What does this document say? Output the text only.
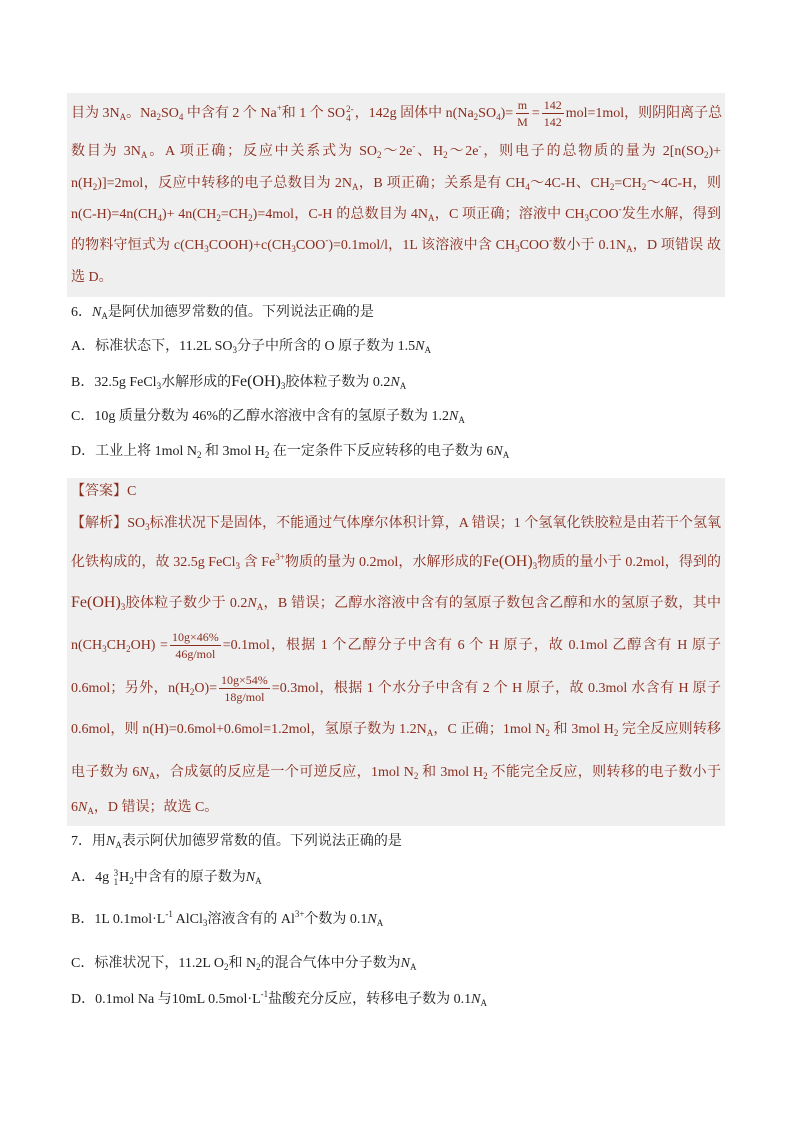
目为 $3N_A$。$Na_2SO_4$ 中含有 2 个 Na+和 1 个 SO 2-
4 ，142g 固体中 $n(Na_2SO_4)= \frac{m}{M} = \frac{142}{142} mol=1mol$，则阴阳离子总
数目为 $3N_A$。A 项正确；反应中关系式为 $SO_2\sim 2e^-$、$H_2\sim 2e^-$，则电子的总物质的量为 $2[n(SO_2)+$
$n(H_2)]=2mol$，反应中转移的电子总数目为 $2N_A$，B 项正确；关系是有 $CH_4\sim 4C-H$、$CH_2=CH_2\sim 4C-H$，则
$n(C-H)=4n(CH_4)+ 4n(CH_2=CH_2)=4mol$，C-H 的总数目为 $4N_A$，C 项正确；溶液中 $CH_3COO^-$发生水解，得到
的物料守恒式为 $c(CH_3COOH)+c(CH_3COO^-)=0.1mol/l$，1L 该溶液中含 $CH_3COO^-$数小于 $0.1N_A$，D 项错误 故
选 D。
6．$N_A$是阿伏加德罗常数的值。下列说法正确的是
A．标准状态下，11.2L $SO_3$分子中所含的 O 原子数为 $1.5N_A$
B．32.5g FeCl$_3$水解形成的$Fe(OH)_3$胶体粒子数为 $0.2N_A$
C．10g 质量分数为 46%的乙醇水溶液中含有的氢原子数为 $1.2N_A$
D．工业上将 1mol $N_2$ 和 3mol $H_2$ 在一定条件下反应转移的电子数为 $6N_A$
【答案】C
【解析】$SO_3$标准状况下是固体，不能通过气体摩尔体积计算，A 错误；1 个氢氧化铁胶粒是由若干个氢氧
化铁构成的，故 32.5g FeCl$_3$ 含 $Fe^{3+}$物质的量为 0.2mol，水解形成的$Fe(OH)_3$物质的量小于 0.2mol，得到的
$Fe(OH)_3$胶体粒子数少于 $0.2N_A$，B 错误；乙醇水溶液中含有的氢原子数包含乙醇和水的氢原子数，其中
$n(CH_3CH_2OH) = \frac{10g\times 46\%}{\text{46g/mol}} =0.1mol$，根据 1 个乙醇分子中含有 6 个 H 原子，故 0.1mol 乙醇含有 H 原子
0.6mol；另外，$n(H_2O)= \frac{10g\times 54\%}{\text{18g/mol}} =0.3mol$，根据 1 个水分子中含有 2 个 H 原子，故 0.3mol 水含有 H 原子
0.6mol，则 n(H)=0.6mol+0.6mol=1.2mol，氢原子数为 $1.2N_A$，C 正确；1mol $N_2$ 和 3mol $H_2$ 完全反应则转移
电子数为 $6N_A$，合成氨的反应是一个可逆反应，1mol $N_2$ 和 3mol $H_2$ 不能完全反应，则转移的电子数小于
$6N_A$，D 错误；故选 C。
7．用$N_A$表示阿伏加德罗常数的值。下列说法正确的是
A．4g 3
1 $H_2$中含有的原子数为$N_A$
B．1L $0.1mol\cdot L^{-1}$ AlCl$_3$溶液含有的 $Al^{3+}$个数为 $0.1N_A$
C．标准状况下，11.2L $O_2$和 $N_2$的混合气体中分子数为$N_A$
D．0.1mol Na 与10mL $0.5mol\cdot L^{-1}$盐酸充分反应，转移电子数为 $0.1N_A$
